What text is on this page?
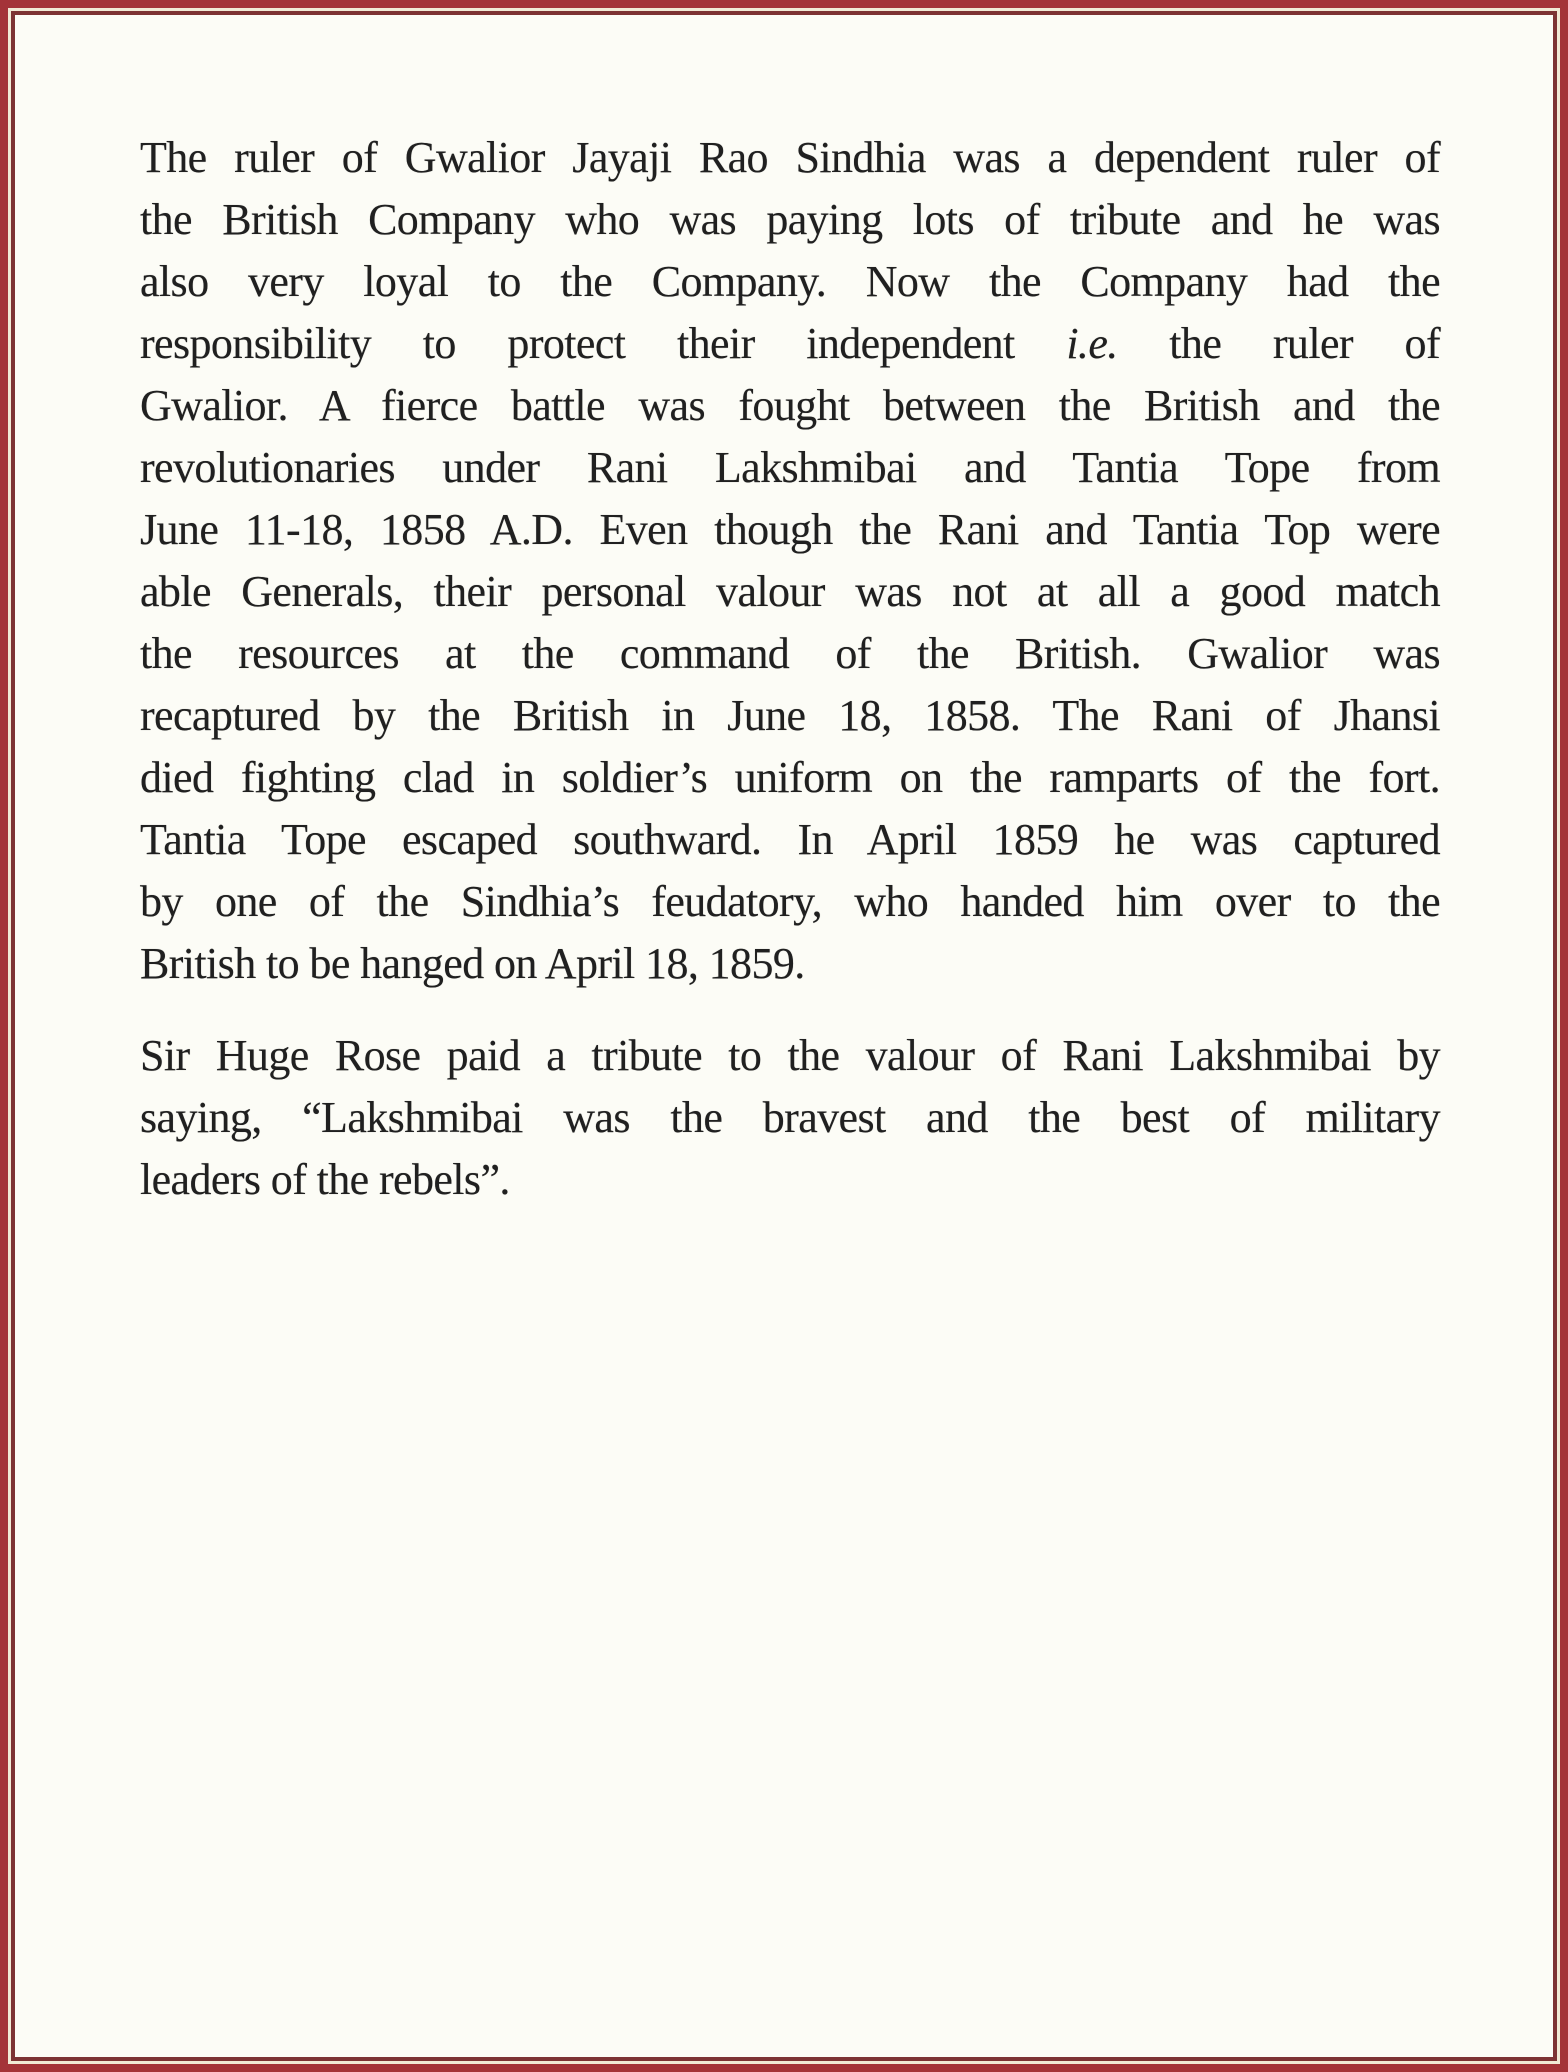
The ruler of Gwalior Jayaji Rao Sindhia was a dependent ruler of
the British Company who was paying lots of tribute and he was
also very loyal to the Company. Now the Company had the
responsibility to protect their independent i.e. the ruler of
Gwalior. A fierce battle was fought between the British and the
revolutionaries under Rani Lakshmibai and Tantia Tope from
June 11-18, 1858 A.D. Even though the Rani and Tantia Top were
able Generals, their personal valour was not at all a good match
the resources at the command of the British. Gwalior was
recaptured by the British in June 18, 1858. The Rani of Jhansi
died fighting clad in soldier’s uniform on the ramparts of the fort.
Tantia Tope escaped southward. In April 1859 he was captured
by one of the Sindhia’s feudatory, who handed him over to the
British to be hanged on April 18, 1859.
Sir Huge Rose paid a tribute to the valour of Rani Lakshmibai by
saying, “Lakshmibai was the bravest and the best of military
leaders of the rebels”.
